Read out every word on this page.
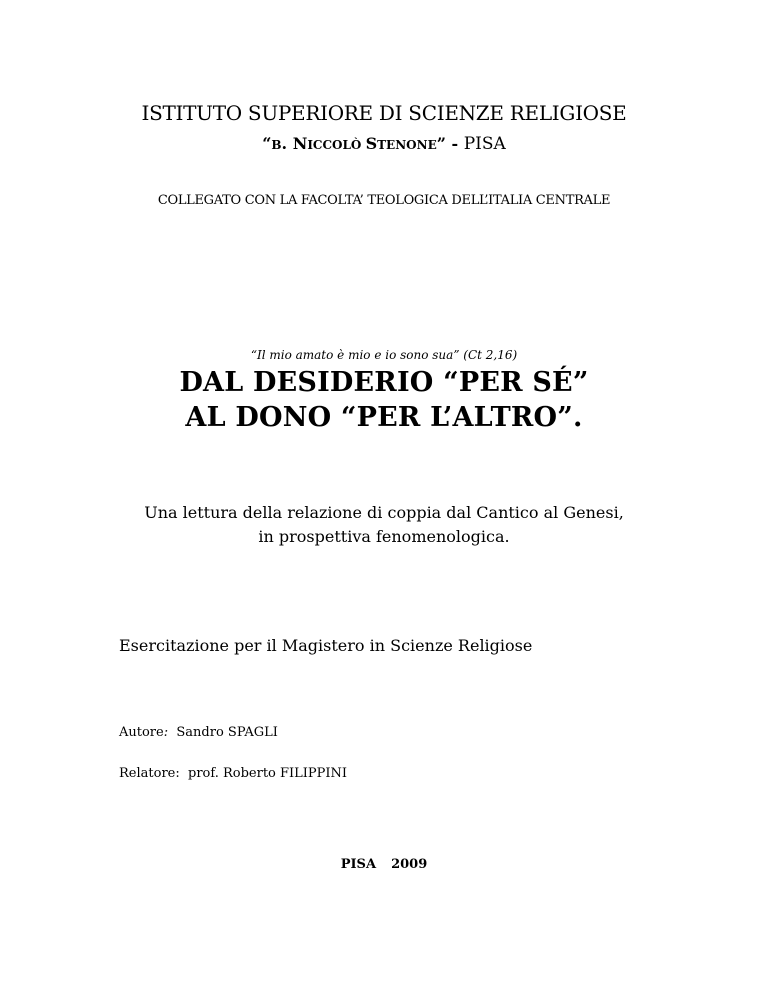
ISTITUTO SUPERIORE DI SCIENZE RELIGIOSE
“B. NICCOLÒ STENONE” - PISA
COLLEGATO CON LA FACOLTA’ TEOLOGICA DELL’ITALIA CENTRALE
“Il mio amato è mio e io sono sua” (Ct 2,16)
DAL DESIDERIO “PER SÉ”
AL DONO “PER L’ALTRO”.
Una lettura della relazione di coppia dal Cantico al Genesi,
in prospettiva fenomenologica.
Esercitazione per il Magistero in Scienze Religiose
Autore: Sandro SPAGLI
Relatore: prof. Roberto FILIPPINI
PISA  2009
